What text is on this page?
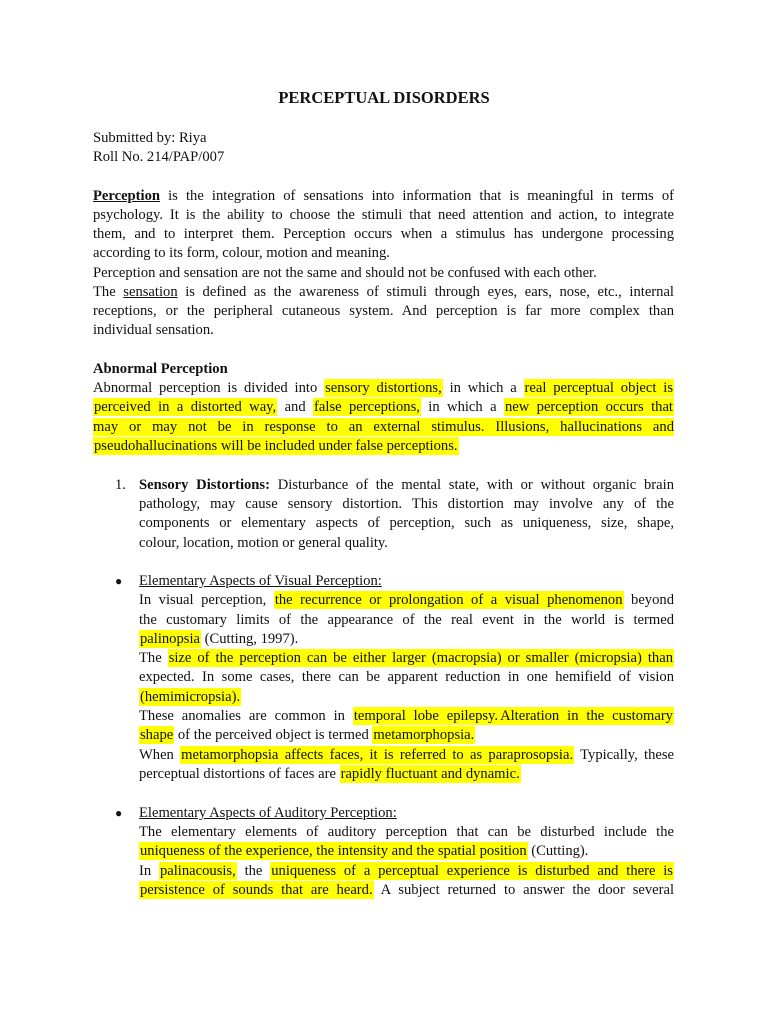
PERCEPTUAL DISORDERS
Submitted by: Riya
Roll No. 214/PAP/007
Perception is the integration of sensations into information that is meaningful in terms of
psychology. It is the ability to choose the stimuli that need attention and action, to integrate
them, and to interpret them. Perception occurs when a stimulus has undergone processing
according to its form, colour, motion and meaning.
Perception and sensation are not the same and should not be confused with each other.
The sensation is defined as the awareness of stimuli through eyes, ears, nose, etc., internal
receptions, or the peripheral cutaneous system. And perception is far more complex than
individual sensation.
Abnormal Perception
Abnormal perception is divided into sensory distortions, in which a real perceptual object is
perceived in a distorted way, and false perceptions, in which a new perception occurs that
may or may not be in response to an external stimulus. Illusions, hallucinations and
pseudohallucinations will be included under false perceptions.
1. Sensory Distortions: Disturbance of the mental state, with or without organic brain
pathology, may cause sensory distortion. This distortion may involve any of the
components or elementary aspects of perception, such as uniqueness, size, shape,
colour, location, motion or general quality.
● Elementary Aspects of Visual Perception:
In visual perception, the recurrence or prolongation of a visual phenomenon beyond
the customary limits of the appearance of the real event in the world is termed
palinopsia (Cutting, 1997).
The size of the perception can be either larger (macropsia) or smaller (micropsia) than
expected. In some cases, there can be apparent reduction in one hemifield of vision
(hemimicropsia).
These anomalies are common in temporal lobe epilepsy. Alteration in the customary
shape of the perceived object is termed metamorphopsia.
When metamorphopsia affects faces, it is referred to as paraprosopsia. Typically, these
perceptual distortions of faces are rapidly fluctuant and dynamic.
● Elementary Aspects of Auditory Perception:
The elementary elements of auditory perception that can be disturbed include the
uniqueness of the experience, the intensity and the spatial position (Cutting).
In palinacousis, the uniqueness of a perceptual experience is disturbed and there is
persistence of sounds that are heard. A subject returned to answer the door several
